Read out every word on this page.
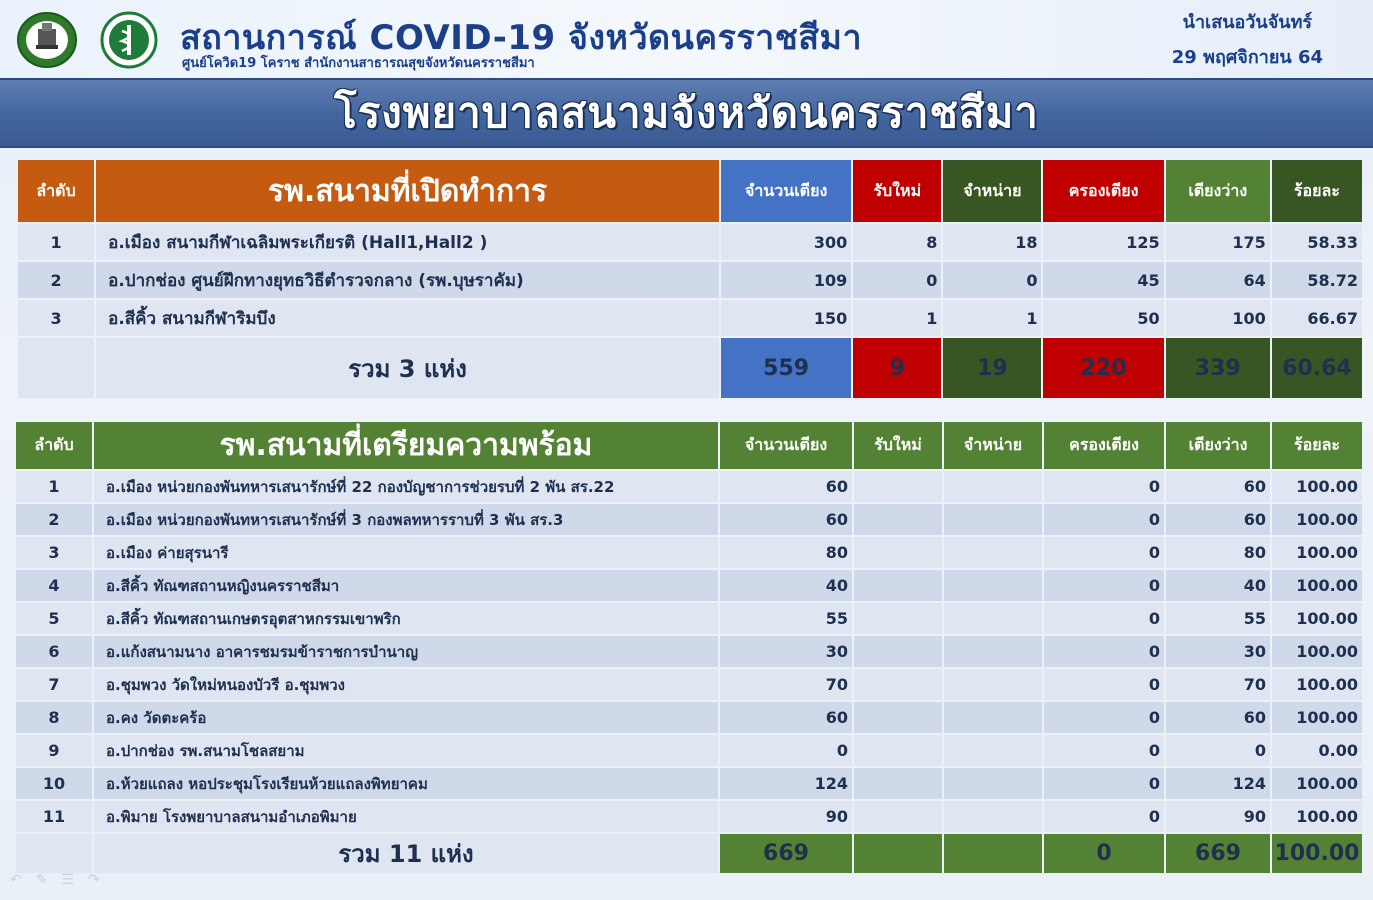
สถานการณ์ COVID-19 จังหวัดนครราชสีมา
ศูนย์โควิด19 โคราช สำนักงานสาธารณสุขจังหวัดนครราชสีมา
นำเสนอวันจันทร์
29 พฤศจิกายน 64
โรงพยาบาลสนามจังหวัดนครราชสีมา
ลำดับ	รพ.สนามที่เปิดทำการ	จำนวนเตียง	รับใหม่	จำหน่าย	ครองเตียง	เตียงว่าง	ร้อยละ
1	อ.เมือง สนามกีฬาเฉลิมพระเกียรติ (Hall1,Hall2 )	300	8	18	125	175	58.33
2	อ.ปากช่อง ศูนย์ฝึกทางยุทธวิธีตำรวจกลาง (รพ.บุษราคัม)	109	0	0	45	64	58.72
3	อ.สีคิ้ว สนามกีฬาริมบึง	150	1	1	50	100	66.67
	รวม 3 แห่ง	559	9	19	220	339	60.64
ลำดับ	รพ.สนามที่เตรียมความพร้อม	จำนวนเตียง	รับใหม่	จำหน่าย	ครองเตียง	เตียงว่าง	ร้อยละ
1	อ.เมือง หน่วยกองพันทหารเสนารักษ์ที่ 22 กองบัญชาการช่วยรบที่ 2 พัน สร.22	60			0	60	100.00
2	อ.เมือง หน่วยกองพันทหารเสนารักษ์ที่ 3 กองพลทหารราบที่ 3 พัน สร.3	60			0	60	100.00
3	อ.เมือง ค่ายสุรนารี	80			0	80	100.00
4	อ.สีคิ้ว ทัณฑสถานหญิงนครราชสีมา	40			0	40	100.00
5	อ.สีคิ้ว ทัณฑสถานเกษตรอุตสาหกรรมเขาพริก	55			0	55	100.00
6	อ.แก้งสนามนาง อาคารชมรมข้าราชการบำนาญ	30			0	30	100.00
7	อ.ชุมพวง วัดใหม่หนองบัวรี อ.ชุมพวง	70			0	70	100.00
8	อ.คง วัดตะคร้อ	60			0	60	100.00
9	อ.ปากช่อง รพ.สนามโชลสยาม	0			0	0	0.00
10	อ.ห้วยแถลง หอประชุมโรงเรียนห้วยแถลงพิทยาคม	124			0	124	100.00
11	อ.พิมาย โรงพยาบาลสนามอำเภอพิมาย	90			0	90	100.00
	รวม 11 แห่ง	669			0	669	100.00
↶ ✎ ☰ ↷
